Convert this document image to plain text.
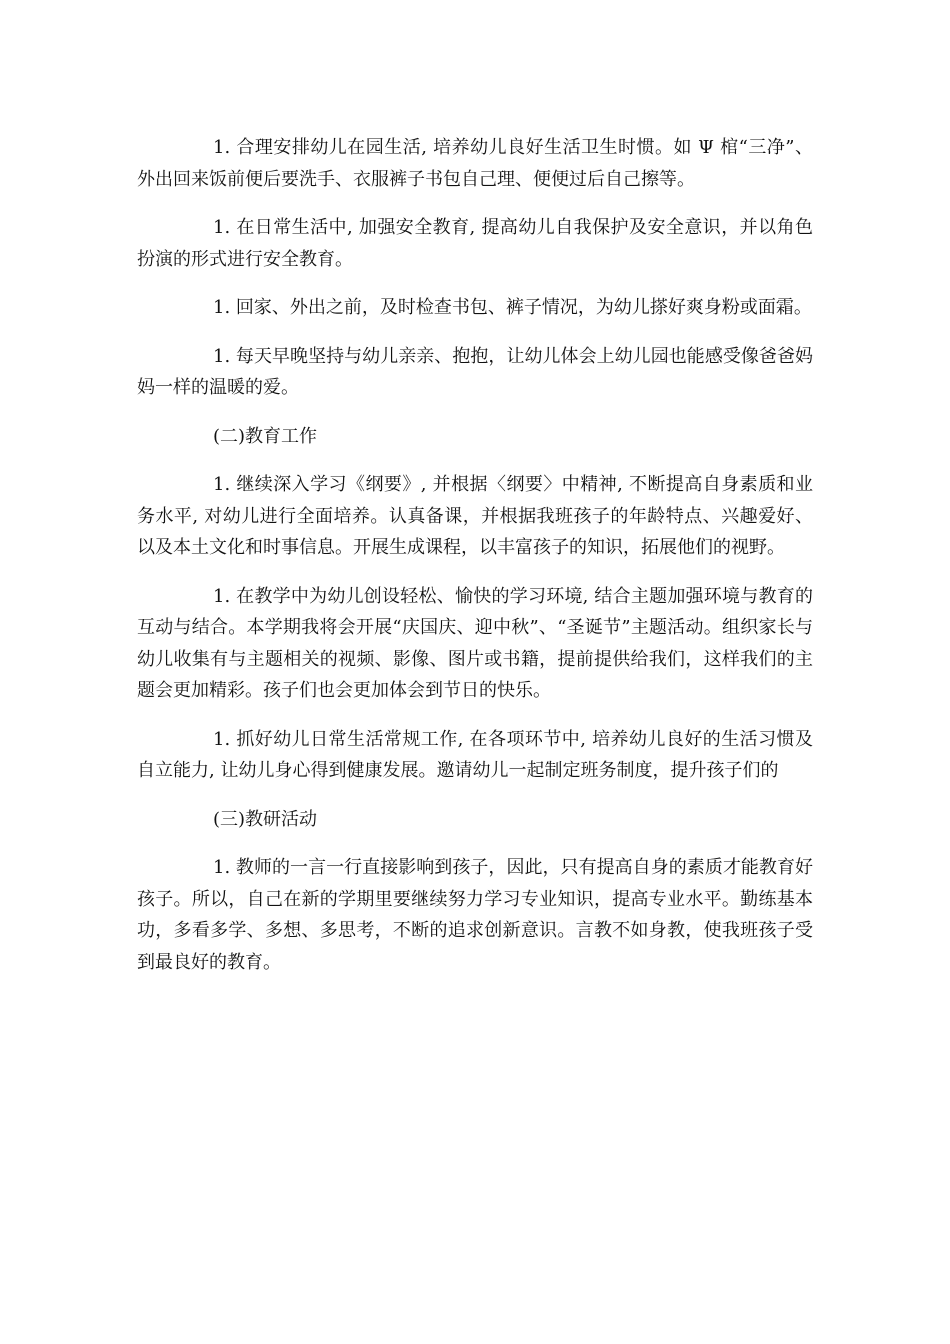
1. 合理安排幼儿在园生活, 培养幼儿良好生活卫生时惯。如 Ψ 棺“三净”、外出回来饭前便后要洗手、衣服裤子书包自己理、便便过后自己擦等。

1. 在日常生活中, 加强安全教育, 提高幼儿自我保护及安全意识，并以角色扮演的形式进行安全教育。

1. 回家、外出之前，及时检查书包、裤子情况，为幼儿搽好爽身粉或面霜。

1. 每天早晚坚持与幼儿亲亲、抱抱，让幼儿体会上幼儿园也能感受像爸爸妈妈一样的温暖的爱。

(二)教育工作

1. 继续深入学习《纲要》, 并根据〈纲要〉中精神, 不断提高自身素质和业务水平, 对幼儿进行全面培养。认真备课，并根据我班孩子的年龄特点、兴趣爱好、以及本土文化和时事信息。开展生成课程，以丰富孩子的知识，拓展他们的视野。

1. 在教学中为幼儿创设轻松、愉快的学习环境, 结合主题加强环境与教育的互动与结合。本学期我将会开展“庆国庆、迎中秋”、“圣诞节”主题活动。组织家长与幼儿收集有与主题相关的视频、影像、图片或书籍，提前提供给我们，这样我们的主题会更加精彩。孩子们也会更加体会到节日的快乐。

1. 抓好幼儿日常生活常规工作, 在各项环节中, 培养幼儿良好的生活习惯及自立能力, 让幼儿身心得到健康发展。邀请幼儿一起制定班务制度，提升孩子们的

(三)教研活动

1. 教师的一言一行直接影响到孩子，因此，只有提高自身的素质才能教育好孩子。所以，自己在新的学期里要继续努力学习专业知识，提高专业水平。勤练基本功，多看多学、多想、多思考，不断的追求创新意识。言教不如身教，使我班孩子受到最良好的教育。
